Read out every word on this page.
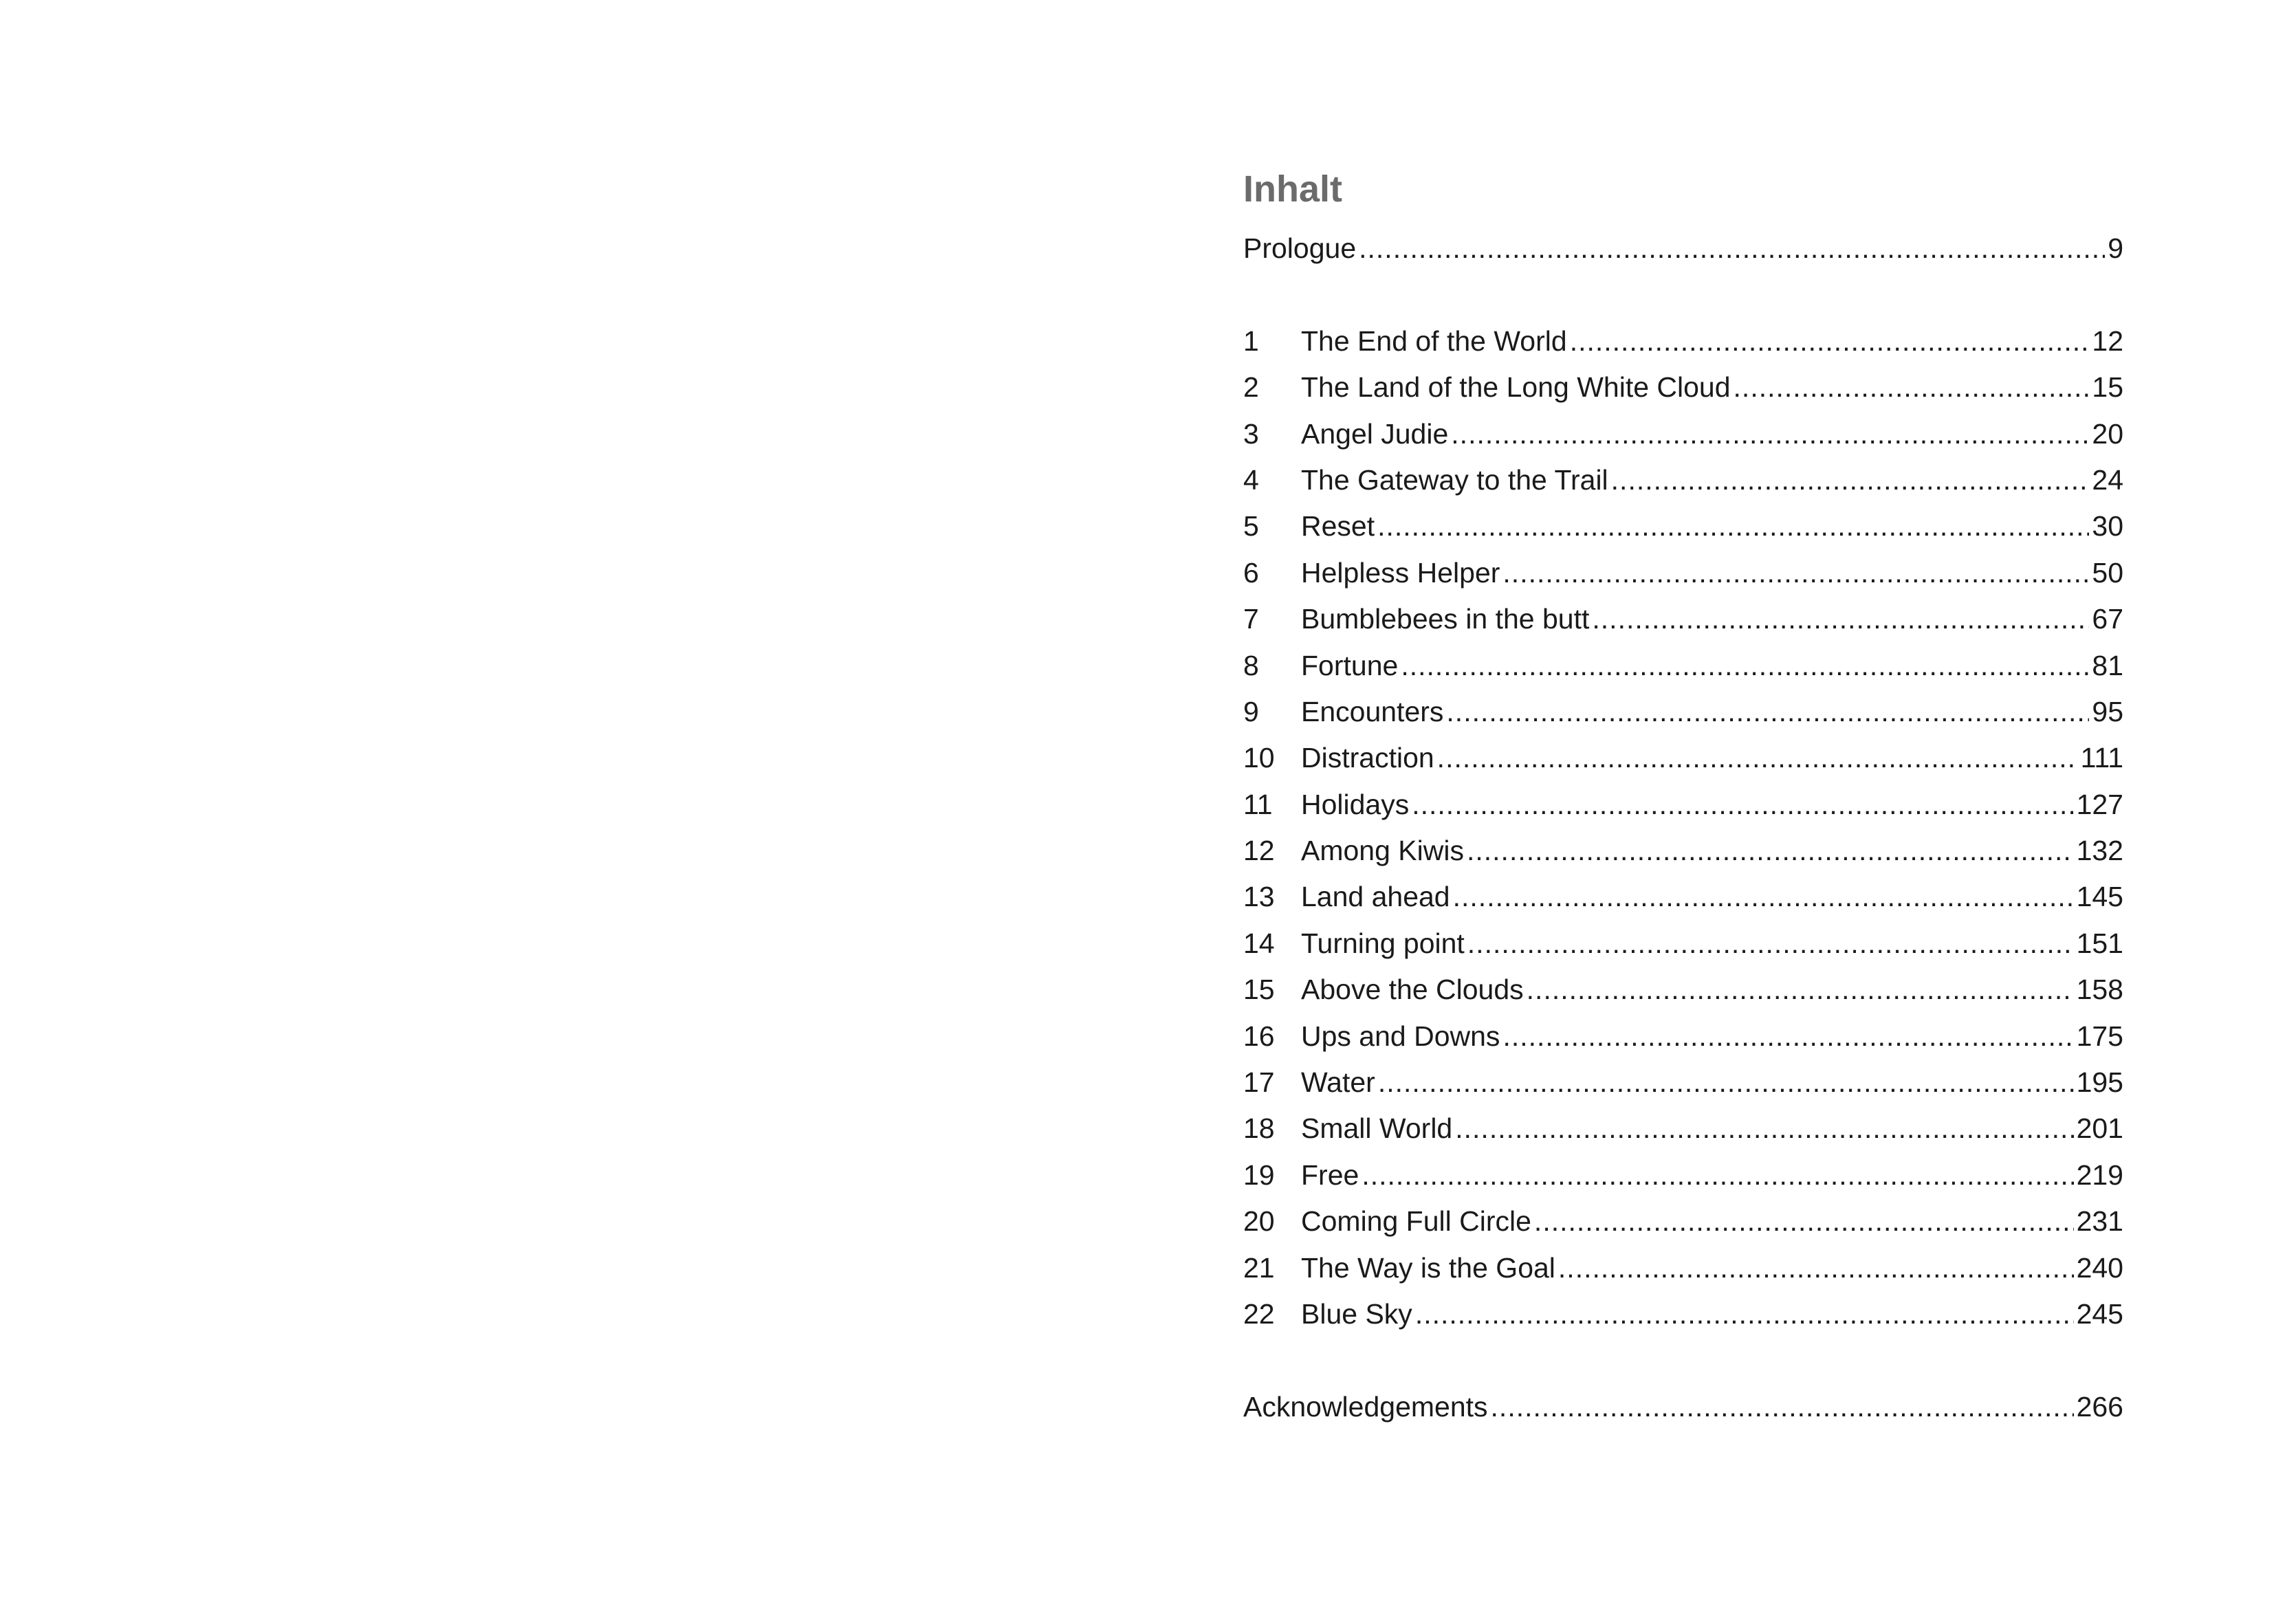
Inhalt
Prologue .....	9
1	The End of the World .....	12
2	The Land of the Long White Cloud .....	15
3	Angel Judie .....	20
4	The Gateway to the Trail .....	24
5	Reset .....	30
6	Helpless Helper .....	50
7	Bumblebees in the butt .....	67
8	Fortune .....	81
9	Encounters .....	95
10 Distraction .....	111
11	Holidays .....	127
12 Among Kiwis .....	132
13 Land ahead .....	145
14 Turning point .....	151
15 Above the Clouds .....	158
16 Ups and Downs .....	175
17 Water .....	195
18 Small World .....	201
19 Free .....	219
20 Coming Full Circle .....	231
21 The Way is the Goal .....	240
22 Blue Sky .....	245
Acknowledgements .....	266
